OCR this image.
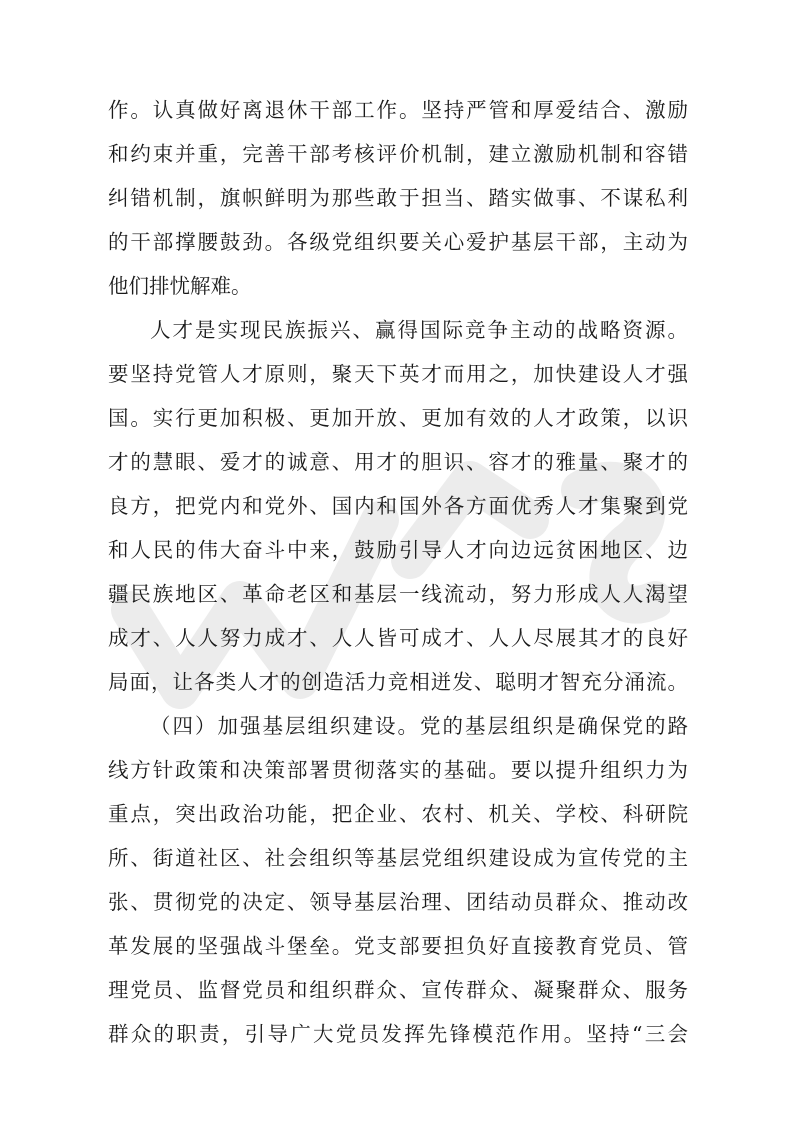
作。认真做好离退休干部工作。坚持严管和厚爱结合、激励
和约束并重，完善干部考核评价机制，建立激励机制和容错
纠错机制，旗帜鲜明为那些敢于担当、踏实做事、不谋私利
的干部撑腰鼓劲。各级党组织要关心爱护基层干部，主动为
他们排忧解难。
人才是实现民族振兴、赢得国际竞争主动的战略资源。
要坚持党管人才原则，聚天下英才而用之，加快建设人才强
国。实行更加积极、更加开放、更加有效的人才政策，以识
才的慧眼、爱才的诚意、用才的胆识、容才的雅量、聚才的
良方，把党内和党外、国内和国外各方面优秀人才集聚到党
和人民的伟大奋斗中来，鼓励引导人才向边远贫困地区、边
疆民族地区、革命老区和基层一线流动，努力形成人人渴望
成才、人人努力成才、人人皆可成才、人人尽展其才的良好
局面，让各类人才的创造活力竞相迸发、聪明才智充分涌流。
（四）加强基层组织建设。党的基层组织是确保党的路
线方针政策和决策部署贯彻落实的基础。要以提升组织力为
重点，突出政治功能，把企业、农村、机关、学校、科研院
所、街道社区、社会组织等基层党组织建设成为宣传党的主
张、贯彻党的决定、领导基层治理、团结动员群众、推动改
革发展的坚强战斗堡垒。党支部要担负好直接教育党员、管
理党员、监督党员和组织群众、宣传群众、凝聚群众、服务
群众的职责，引导广大党员发挥先锋模范作用。坚持“三会
